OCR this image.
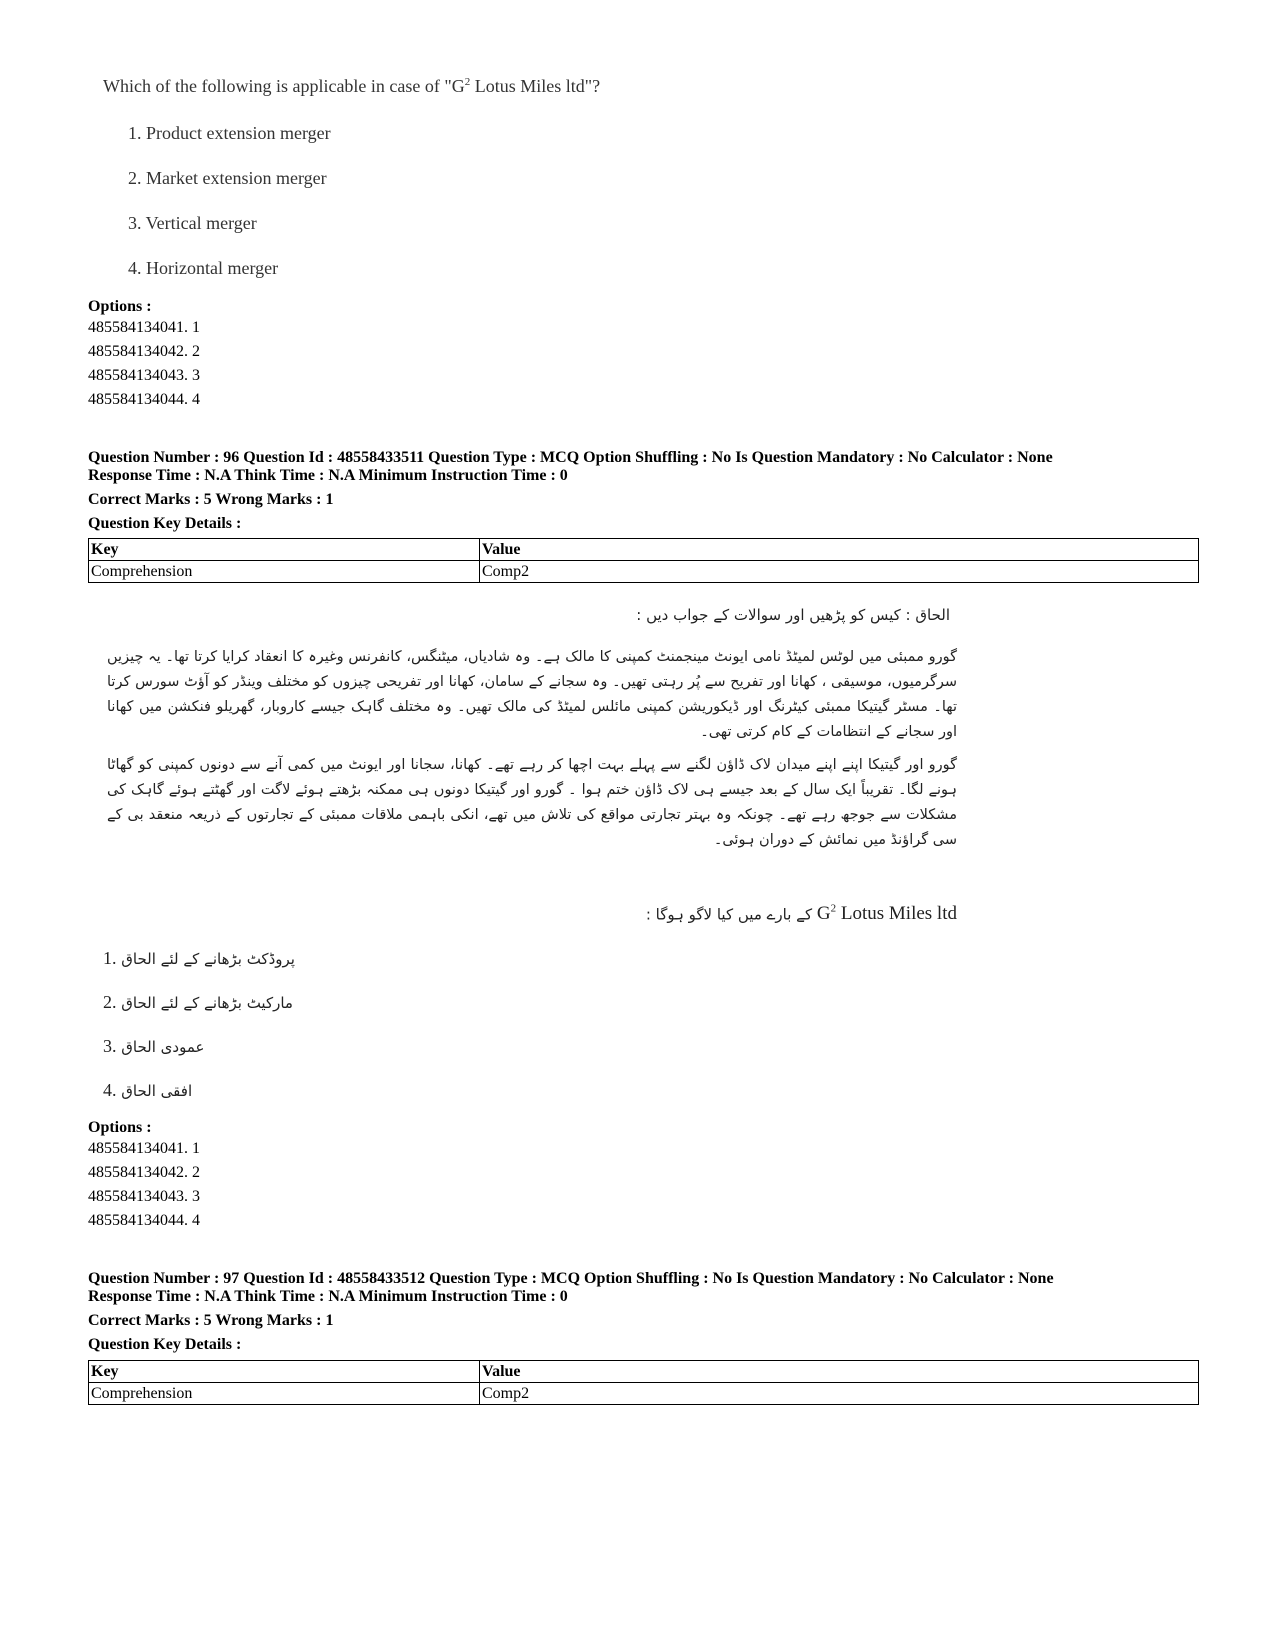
Which of the following is applicable in case of "$G^2$ Lotus Miles ltd"?
1. Product extension merger
2. Market extension merger
3. Vertical merger
4. Horizontal merger
Options :
485584134041. 1
485584134042. 2
485584134043. 3
485584134044. 4
Question Number : 96 Question Id : 48558433511 Question Type : MCQ Option Shuffling : No Is Question Mandatory : No Calculator : None
Response Time : N.A Think Time : N.A Minimum Instruction Time : 0
Correct Marks : 5 Wrong Marks : 1
Question Key Details :
Key	Value
Comprehension	Comp2
الحاق : کیس کو پڑھیں اور سوالات کے جواب دیں :
گورو ممبئی میں لوٹس لمیٹڈ نامی ایونٹ مینجمنٹ کمپنی کا مالک ہے۔ وہ شادیاں، میٹنگس، کانفرنس وغیرہ کا انعقاد کرایا کرتا تھا۔ یہ چیزیں سرگرمیوں، موسیقی ، کھانا اور تفریح سے پُر رہتی تھیں۔ وہ سجانے کے سامان، کھانا اور تفریحی چیزوں کو مختلف وینڈر کو آؤٹ سورس کرتا تھا۔ مسٹر گیتیکا ممبئی کیٹرنگ اور ڈیکوریشن کمپنی مائلس لمیٹڈ کی مالک تھیں۔ وہ مختلف گاہک جیسے کاروبار، گھریلو فنکشن میں کھانا اور سجانے کے انتظامات کے کام کرتی تھی۔
گورو اور گیتیکا اپنے اپنے میدان لاک ڈاؤن لگنے سے پہلے بہت اچھا کر رہے تھے۔ کھانا، سجانا اور ایونٹ میں کمی آنے سے دونوں کمپنی کو گھاٹا ہونے لگا۔ تقریباً ایک سال کے بعد جیسے ہی لاک ڈاؤن ختم ہوا ۔ گورو اور گیتیکا دونوں ہی ممکنہ بڑھتے ہوئے لاگت اور گھٹتے ہوئے گاہک کی مشکلات سے جوجھ رہے تھے۔ چونکہ وہ بہتر تجارتی مواقع کی تلاش میں تھے، انکی باہمی ملاقات ممبئی کے تجارتوں کے ذریعہ منعقد بی کے سی گراؤنڈ میں نمائش کے دوران ہوئی۔
$G^2$ Lotus Miles ltd کے بارے میں کیا لاگو ہوگا :
1. پروڈکٹ بڑھانے کے لئے الحاق
2. مارکیٹ بڑھانے کے لئے الحاق
3. عمودی الحاق
4. افقی الحاق
Options :
485584134041. 1
485584134042. 2
485584134043. 3
485584134044. 4
Question Number : 97 Question Id : 48558433512 Question Type : MCQ Option Shuffling : No Is Question Mandatory : No Calculator : None
Response Time : N.A Think Time : N.A Minimum Instruction Time : 0
Correct Marks : 5 Wrong Marks : 1
Question Key Details :
Key	Value
Comprehension	Comp2
